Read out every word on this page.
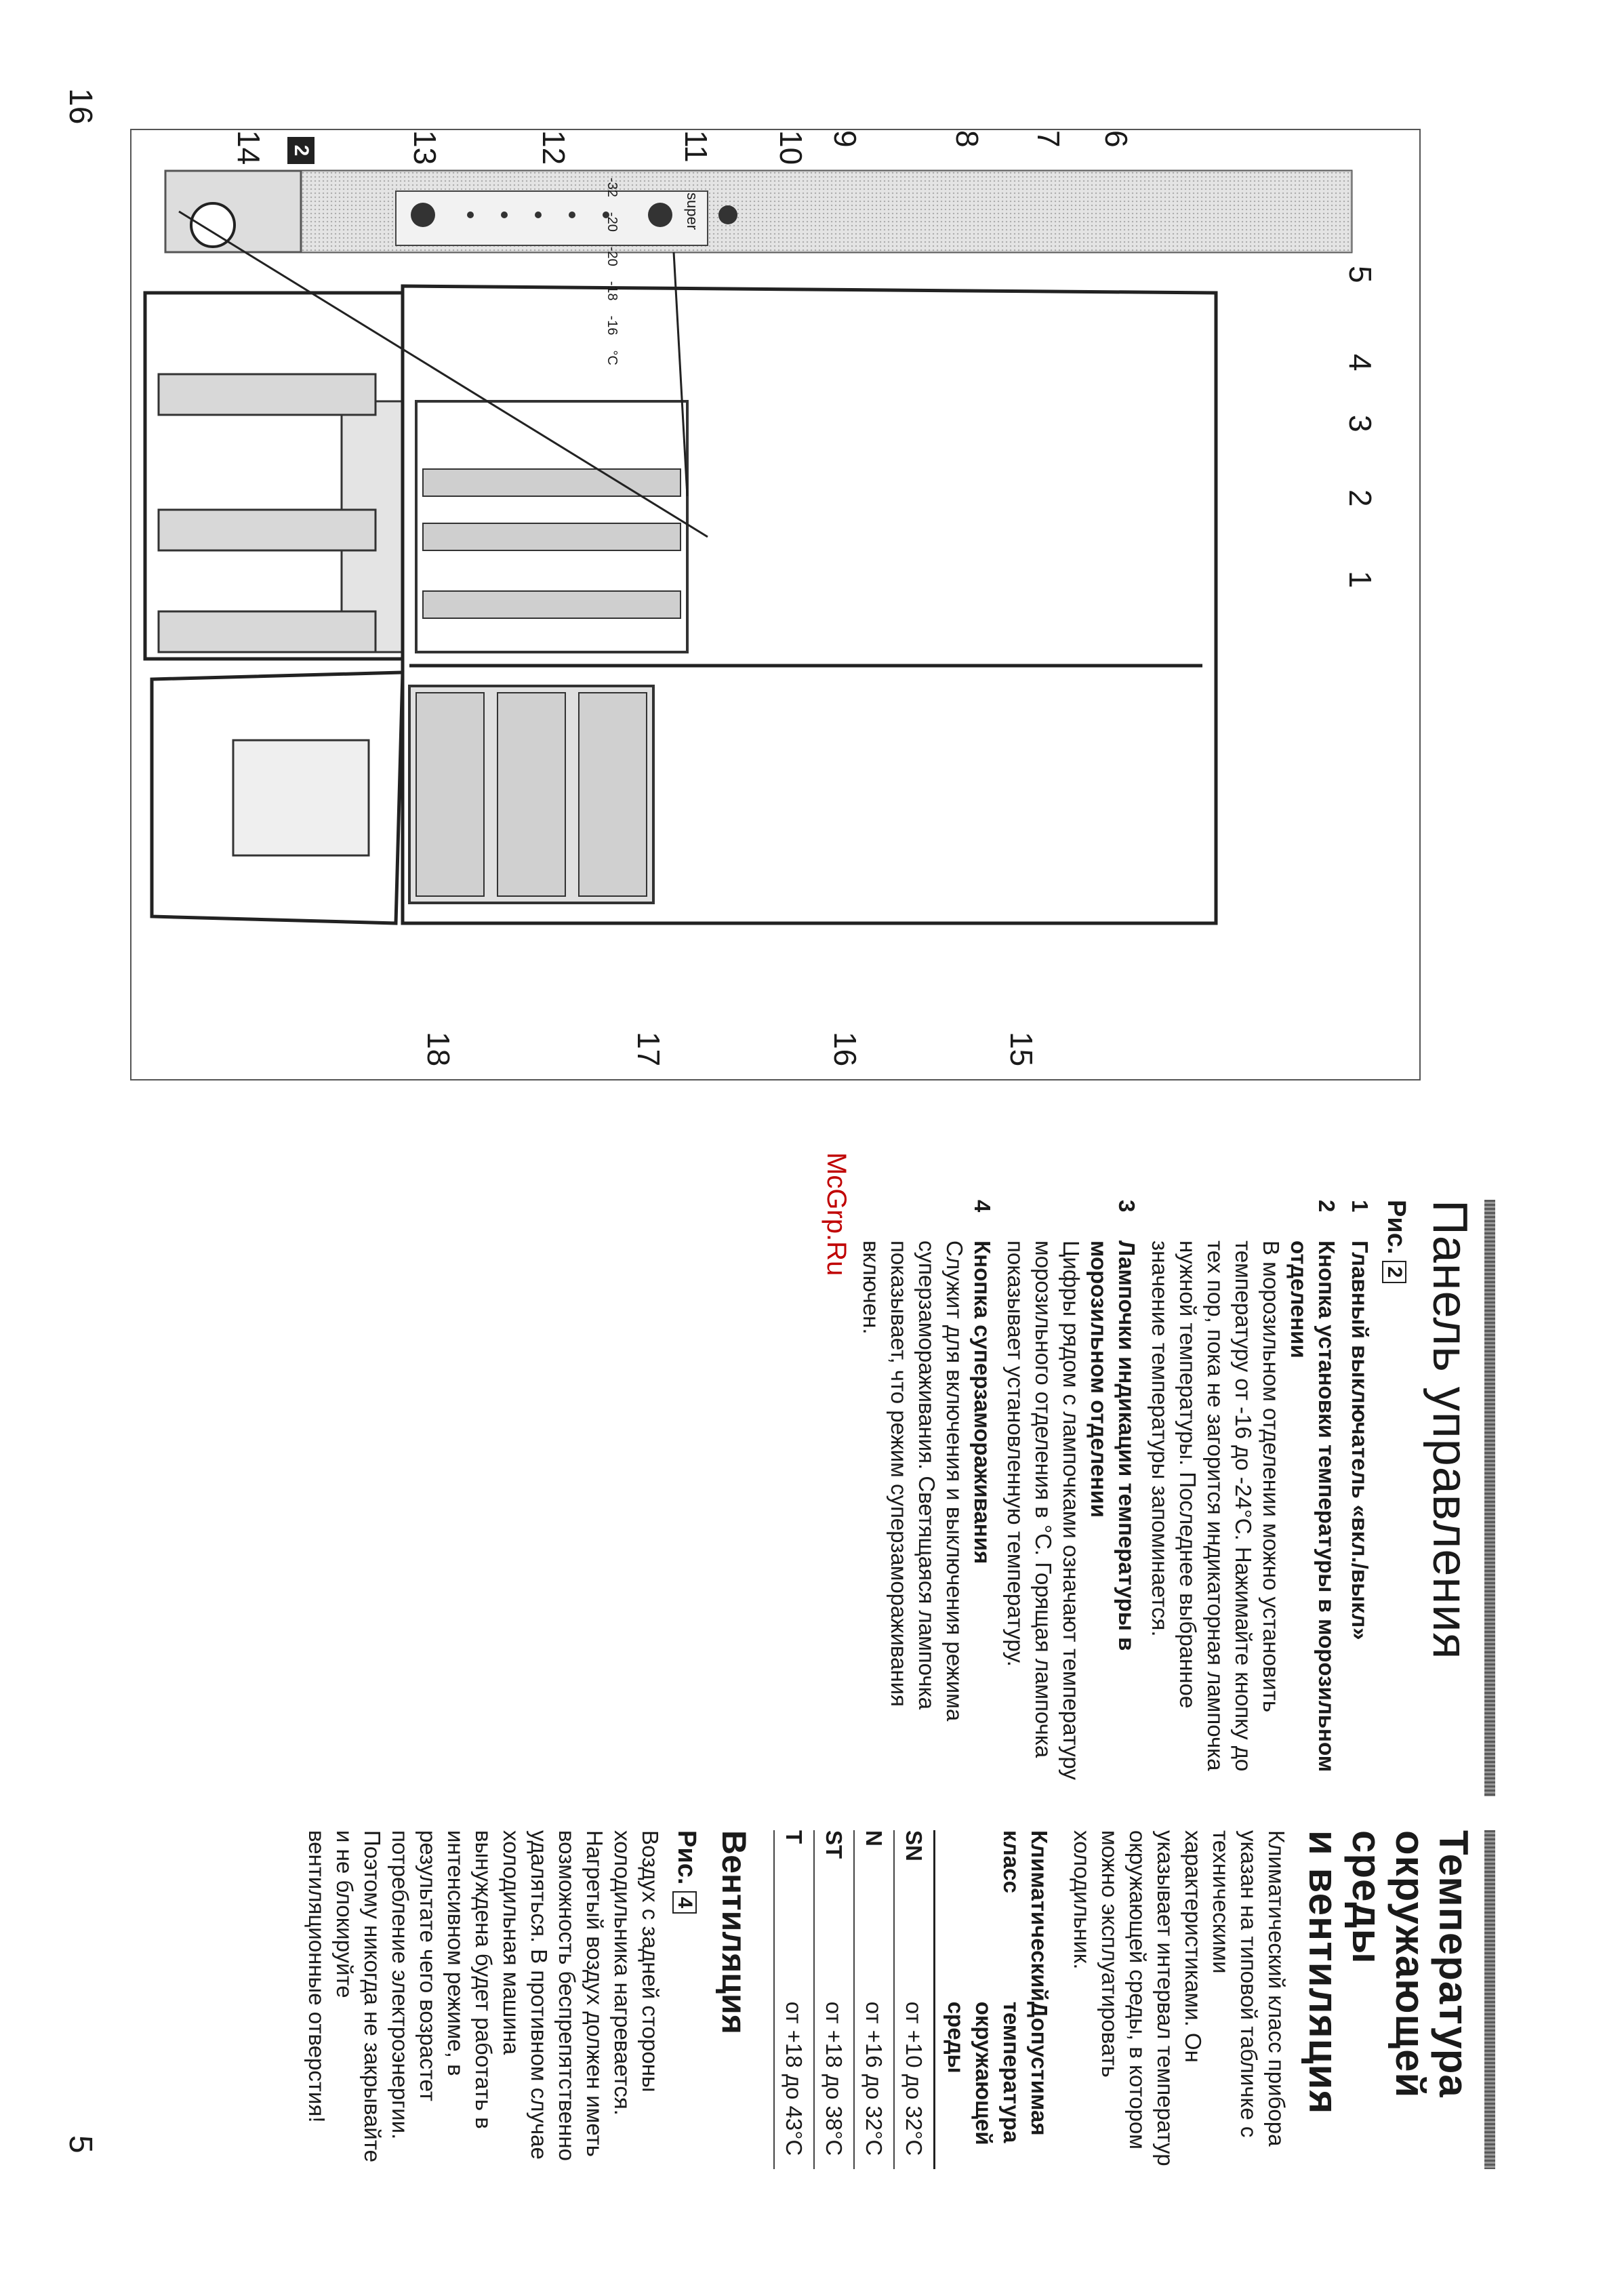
16
5
2
1
2
3
4
5
6
7
8
9
10
11
12
13
14
15
16
17
18
super
-32
-20
-20
-18
-16
°C
McGrp.Ru	Панель управления
Рис.2
1
Главный выключатель «вкл./выкл»
2
Кнопка установки температуры в морозильном отделении

В морозильном отделении можно установить температуру от -16 до -24°С. Нажимайте кнопку до тех пор, пока не загорится индикаторная лампочка нужной температуры. Последнее выбранное значение температуры запоминается.

3
Лампочки индикации температуры в морозильном отделении

Цифры рядом с лампочками означают температуру морозильного отделения в °С. Горящая лампочка показывает установленную температуру.

4
Кнопка суперзамораживания

Служит для включения и выключения режима суперзамораживания. Светящаяся лампочка показывает, что режим суперзамораживания включен.

Температура
окружающей среды
и вентиляция

Климатический класс прибора указан на типовой табличке с техническими характеристиками. Он указывает интервал температур окружающей среды, в котором можно эксплуатировать холодильник.

Климатический класс	Допустимая температура окружающей среды
SN	от +10 до 32°С
N	от +16 до 32°С
ST	от +18 до 38°С
T	от +18 до 43°С
Вентиляция
Рис.4

Воздух с задней стороны холодильника нагревается. Нагретый воздух должен иметь возможность беспрепятственно удаляться. В противном случае холодильная машина вынуждена будет работать в интенсивном режиме, в результате чего возрастет потребление электроэнергии. Поэтому никогда не закрывайте и не блокируйте вентиляционные отверстия!
